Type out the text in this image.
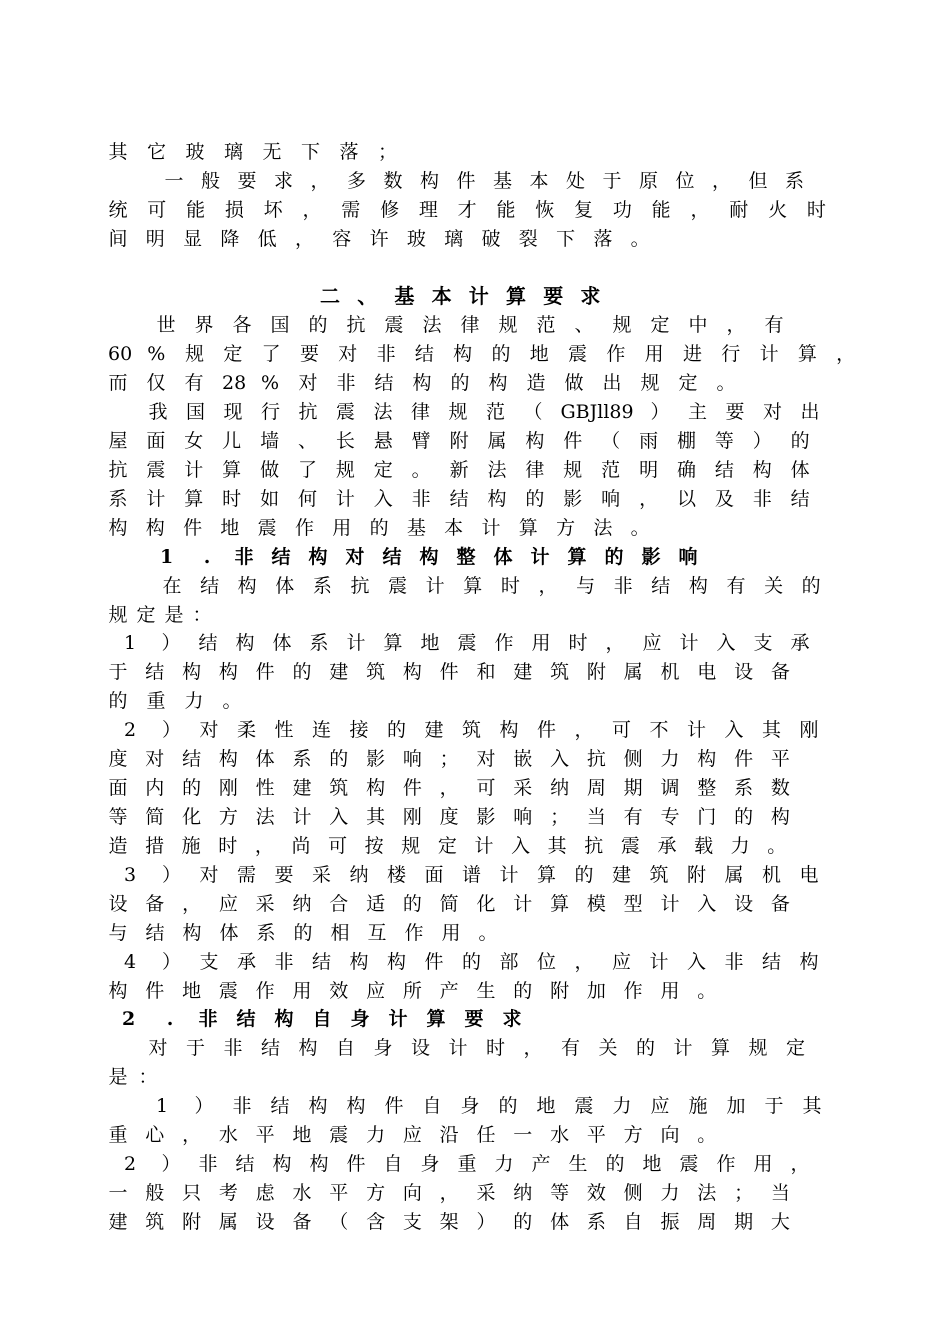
其 它 玻 璃 无 下 落 ；
一 般 要 求 ， 多 数 构 件 基 本 处 于 原 位 ， 但 系
统 可 能 损 坏 ， 需 修 理 才 能 恢 复 功 能 ， 耐 火 时
间 明 显 降 低 ， 容 许 玻 璃 破 裂 下 落 。
二 、 基 本 计 算 要 求
世 界 各 国 的 抗 震 法 律 规 范 、 规 定 中 ， 有
60 % 规 定 了 要 对 非 结 构 的 地 震 作 用 进 行 计 算 ，
而 仅 有 28 % 对 非 结 构 的 构 造 做 出 规 定 。
我 国 现 行 抗 震 法 律 规 范 （ GBJll89 ） 主 要 对 出
屋 面 女 儿 墙 、 长 悬 臂 附 属 构 件 （ 雨 棚 等 ） 的
抗 震 计 算 做 了 规 定 。 新 法 律 规 范 明 确 结 构 体
系 计 算 时 如 何 计 入 非 结 构 的 影 响 ， 以 及 非 结
构 构 件 地 震 作 用 的 基 本 计 算 方 法 。
1	.	非 结 构 对 结 构 整 体 计 算 的 影 响
在 结 构 体 系 抗 震 计 算 时 ， 与 非 结 构 有 关 的
规 定 是 ：
1 ） 结 构 体 系 计 算 地 震 作 用 时 ， 应 计 入 支 承
于 结 构 构 件 的 建 筑 构 件 和 建 筑 附 属 机 电 设 备
的 重 力 。
2 ） 对 柔 性 连 接 的 建 筑 构 件 ， 可 不 计 入 其 刚
度 对 结 构 体 系 的 影 响 ； 对 嵌 入 抗 侧 力 构 件 平
面 内 的 刚 性 建 筑 构 件 ， 可 采 纳 周 期 调 整 系 数
等 简 化 方 法 计 入 其 刚 度 影 响 ； 当 有 专 门 的 构
造 措 施 时 ， 尚 可 按 规 定 计 入 其 抗 震 承 载 力 。
3 ） 对 需 要 采 纳 楼 面 谱 计 算 的 建 筑 附 属 机 电
设 备 ， 应 采 纳 合 适 的 简 化 计 算 模 型 计 入 设 备
与 结 构 体 系 的 相 互 作 用 。
4 ） 支 承 非 结 构 构 件 的 部 位 ， 应 计 入 非 结 构
构 件 地 震 作 用 效 应 所 产 生 的 附 加 作 用 。
2	.	非 结 构 自 身 计 算 要 求
对 于 非 结 构 自 身 设 计 时 ， 有 关 的 计 算 规 定
是 ：
1 ） 非 结 构 构 件 自 身 的 地 震 力 应 施 加 于 其
重 心 ， 水 平 地 震 力 应 沿 任 一 水 平 方 向 。
2 ） 非 结 构 构 件 自 身 重 力 产 生 的 地 震 作 用 ，
一 般 只 考 虑 水 平 方 向 ， 采 纳 等 效 侧 力 法 ； 当
建 筑 附 属 设 备 （ 含 支 架 ） 的 体 系 自 振 周 期 大
